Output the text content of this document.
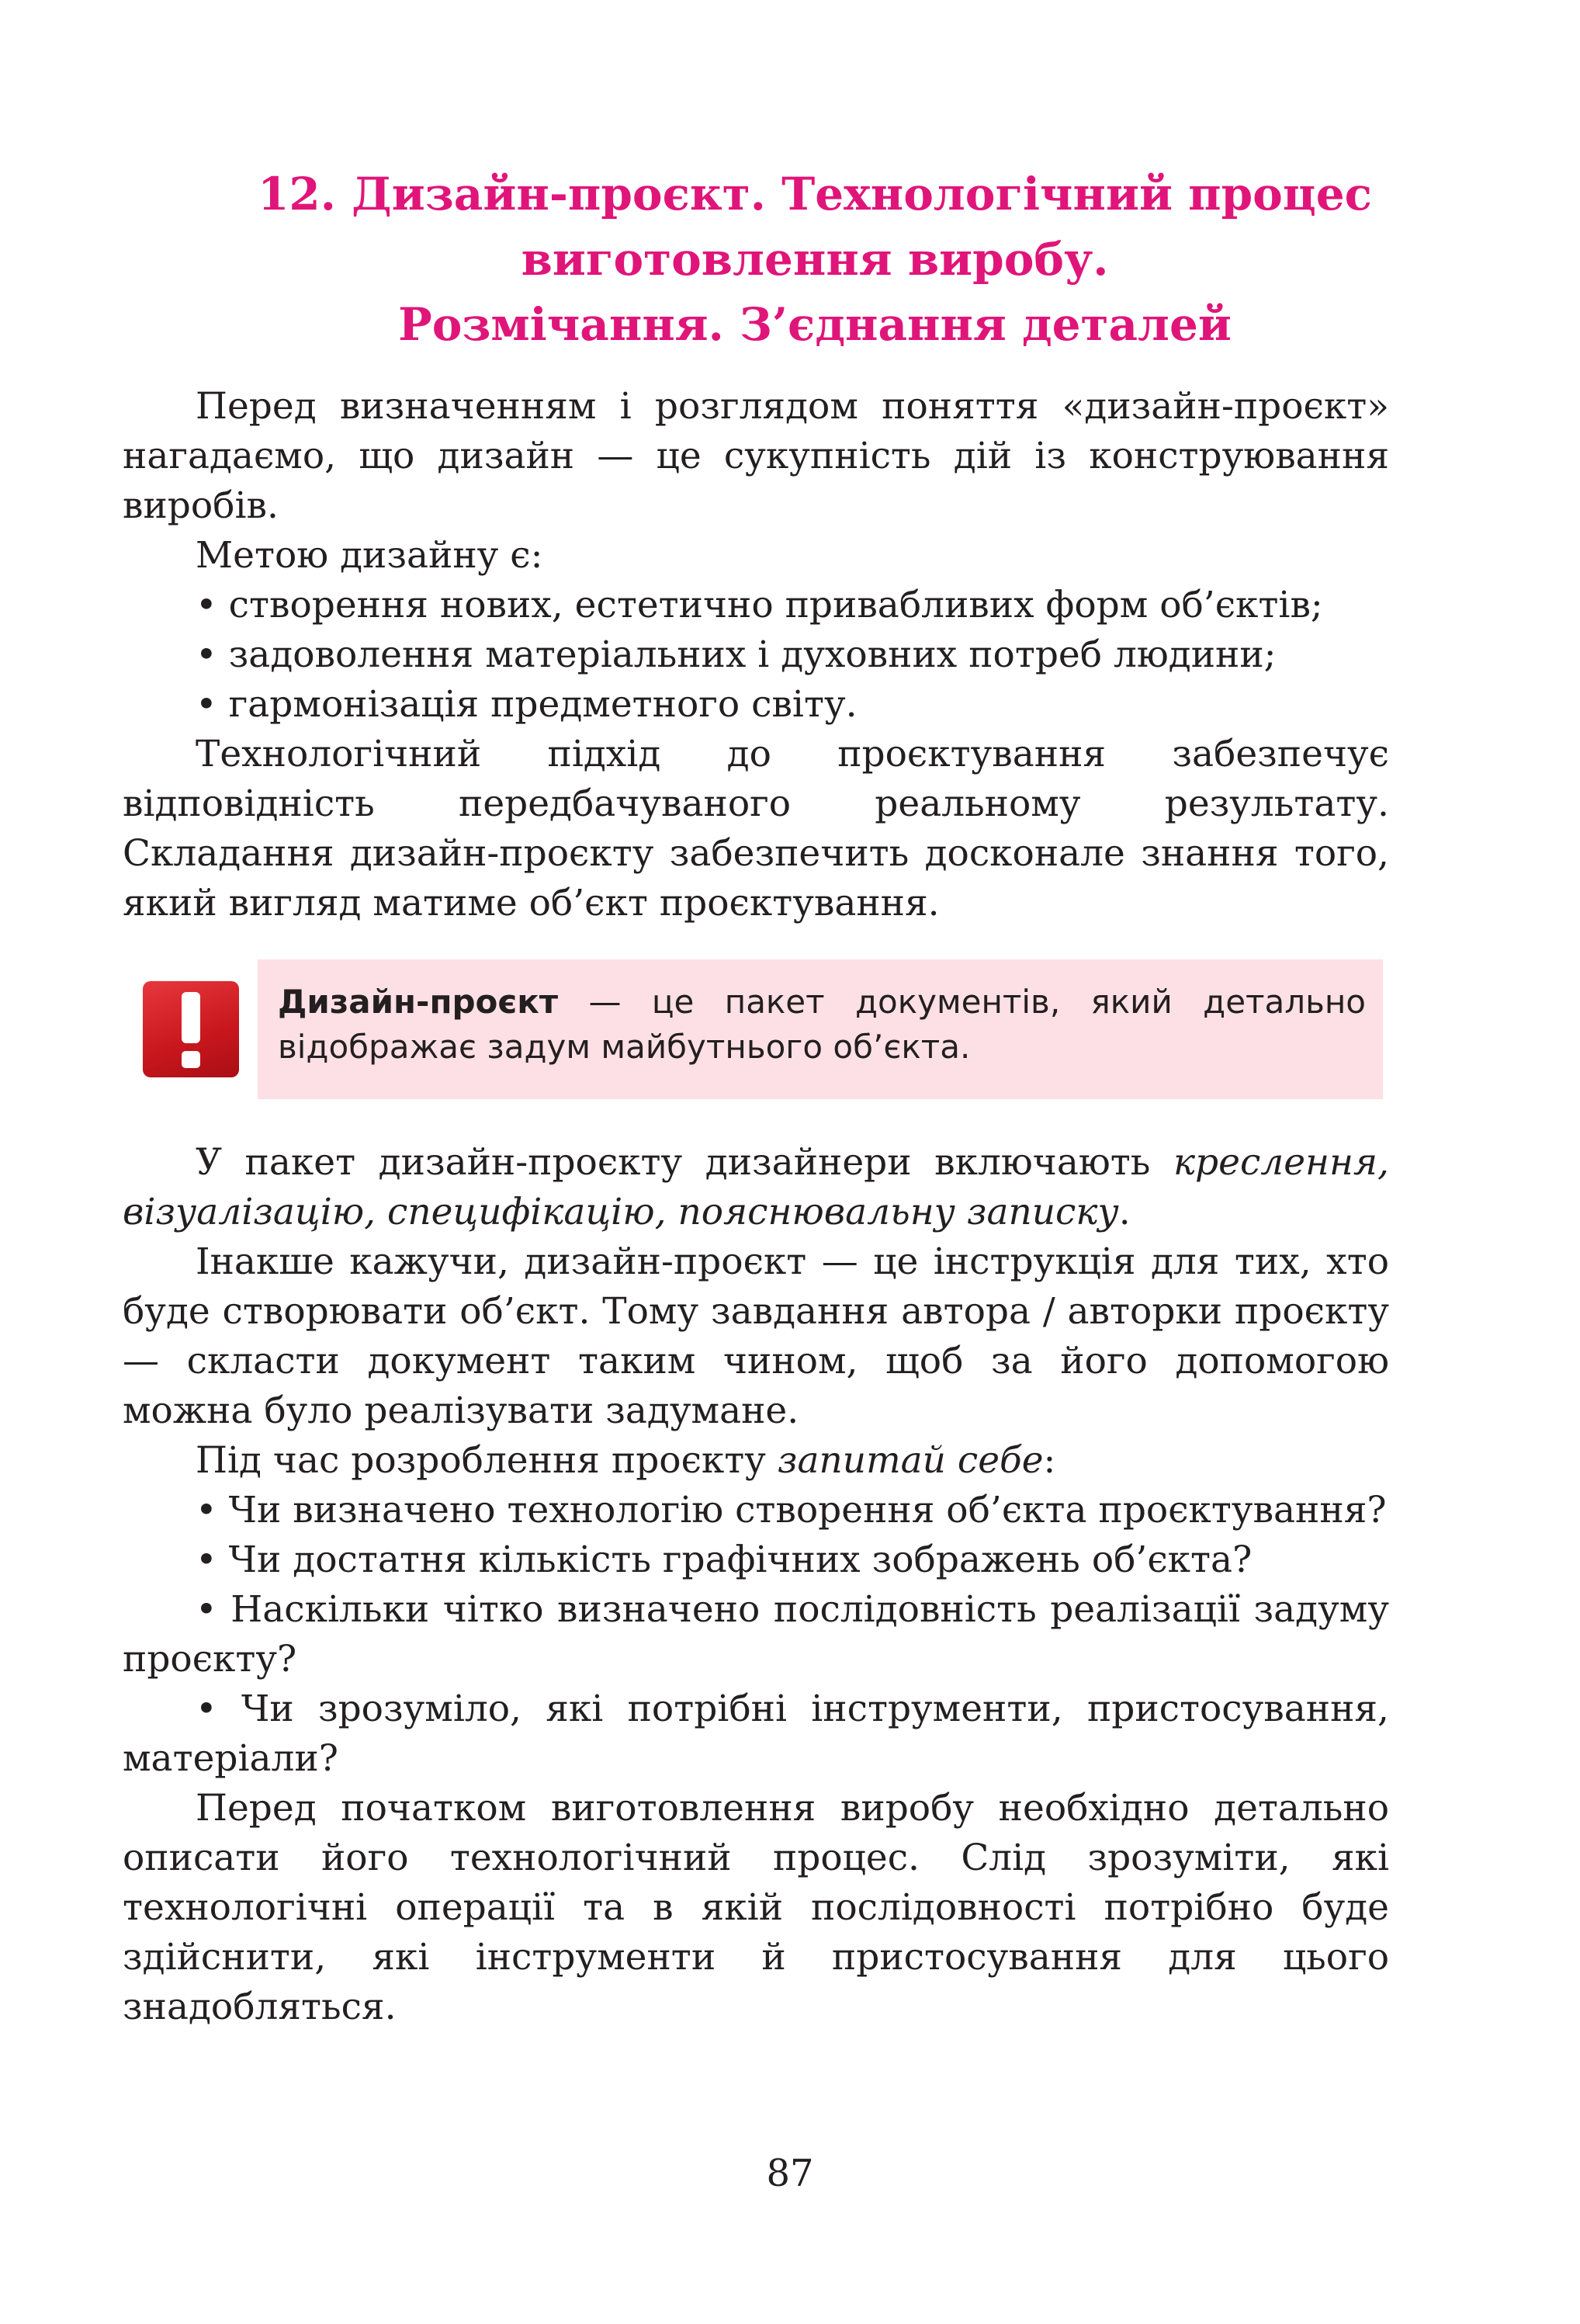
12. Дизайн-проєкт. Технологічний процес
виготовлення виробу.
Розмічання. З’єднання деталей

Перед визначенням і розглядом поняття «дизайн-проєкт» нагадаємо, що дизайн — це сукупність дій із конструювання виробів.

Метою дизайну є:

• створення нових, естетично привабливих форм об’єктів;

• задоволення матеріальних і духовних потреб людини;

• гармонізація предметного світу.

Технологічний підхід до проєктування забезпечує відповідність передбачуваного реальному результату. Складання дизайн-проєкту забезпечить досконале знання того, який вигляд матиме об’єкт проєктування.

Дизайн-проєкт — це пакет документів, який детально відображає задум майбутнього об’єкта.

У пакет дизайн-проєкту дизайнери включають креслення, візуалізацію, специфікацію, пояснювальну записку.

Інакше кажучи, дизайн-проєкт — це інструкція для тих, хто буде створювати об’єкт. Тому завдання автора / авторки проєкту — скласти документ таким чином, щоб за його допомогою можна було реалізувати задумане.

Під час розроблення проєкту запитай себе:

• Чи визначено технологію створення об’єкта проєктування?

• Чи достатня кількість графічних зображень об’єкта?

• Наскільки чітко визначено послідовність реалізації задуму проєкту?

• Чи зрозуміло, які потрібні інструменти, пристосування, матеріали?

Перед початком виготовлення виробу необхідно детально описати його технологічний процес. Слід зрозуміти, які технологічні операції та в якій послідовності потрібно буде здійснити, які інструменти й пристосування для цього знадобляться.

87
